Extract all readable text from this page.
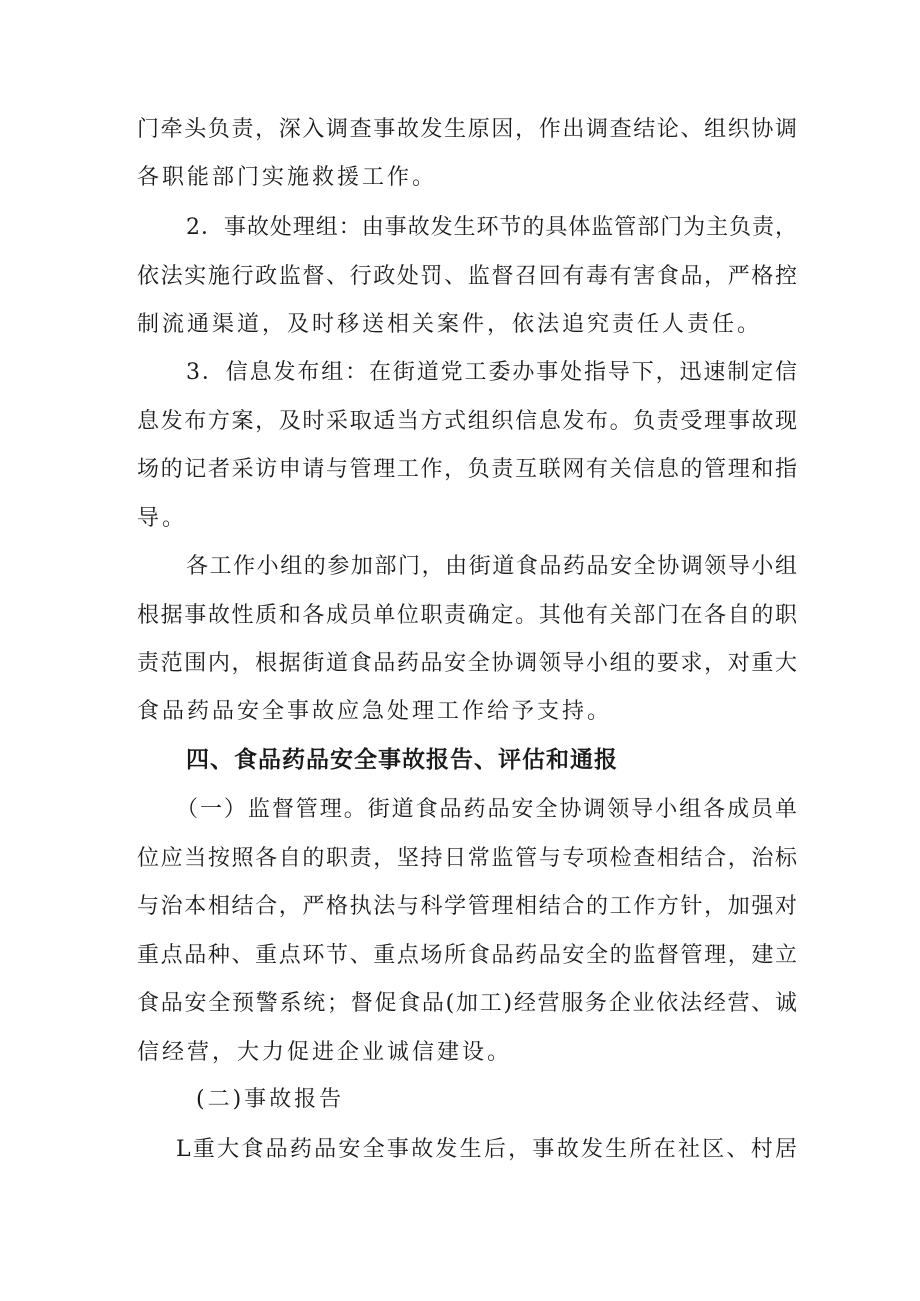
门牵头负责，深入调查事故发生原因，作出调查结论、组织协调
各职能部门实施救援工作。
2．事故处理组：由事故发生环节的具体监管部门为主负责，
依法实施行政监督、行政处罚、监督召回有毒有害食品，严格控
制流通渠道，及时移送相关案件，依法追究责任人责任。
3．信息发布组：在街道党工委办事处指导下，迅速制定信
息发布方案，及时采取适当方式组织信息发布。负责受理事故现
场的记者采访申请与管理工作，负责互联网有关信息的管理和指
导。
各工作小组的参加部门，由街道食品药品安全协调领导小组
根据事故性质和各成员单位职责确定。其他有关部门在各自的职
责范围内，根据街道食品药品安全协调领导小组的要求，对重大
食品药品安全事故应急处理工作给予支持。
四、食品药品安全事故报告、评估和通报
（一）监督管理。街道食品药品安全协调领导小组各成员单
位应当按照各自的职责，坚持日常监管与专项检查相结合，治标
与治本相结合，严格执法与科学管理相结合的工作方针，加强对
重点品种、重点环节、重点场所食品药品安全的监督管理，建立
食品安全预警系统；督促食品(加工)经营服务企业依法经营、诚
信经营，大力促进企业诚信建设。
(二)事故报告
L重大食品药品安全事故发生后，事故发生所在社区、村居
